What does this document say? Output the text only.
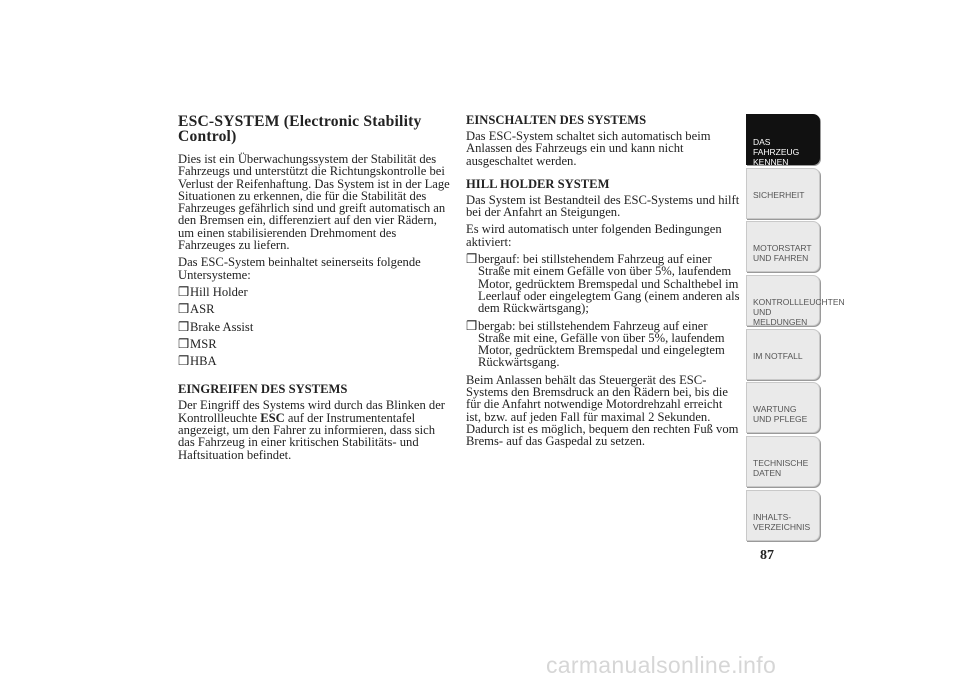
ESC-SYSTEM (Electronic Stability Control)

Dies ist ein Überwachungssystem der Stabilität des Fahrzeugs und unterstützt die Richtungskontrolle bei Verlust der Reifenhaftung. Das System ist in der Lage Situationen zu erkennen, die für die Stabilität des Fahrzeuges gefährlich sind und greift automatisch an den Bremsen ein, differenziert auf den vier Rädern, um einen stabilisierenden Drehmoment des Fahrzeuges zu liefern.

Das ESC-System beinhaltet seinerseits folgende Untersysteme:

❒ Hill Holder
❒ ASR
❒ Brake Assist
❒ MSR
❒ HBA
EINGREIFEN DES SYSTEMS

Der Eingriff des Systems wird durch das Blinken der Kontrollleuchte ESC auf der Instrumententafel angezeigt, um den Fahrer zu informieren, dass sich das Fahrzeug in einer kritischen Stabilitäts- und Haftsituation befindet.

EINSCHALTEN DES SYSTEMS

Das ESC-System schaltet sich automatisch beim Anlassen des Fahrzeugs ein und kann nicht ausgeschaltet werden.

HILL HOLDER SYSTEM

Das System ist Bestandteil des ESC-Systems und hilft bei der Anfahrt an Steigungen.

Es wird automatisch unter folgenden Bedingungen aktiviert:

❒ bergauf: bei stillstehendem Fahrzeug auf einer Straße mit einem Gefälle von über 5%, laufendem Motor, gedrücktem Bremspedal und Schalthebel im Leerlauf oder eingelegtem Gang (einem anderen als dem Rückwärtsgang);
❒ bergab: bei stillstehendem Fahrzeug auf einer Straße mit eine, Gefälle von über 5%, laufendem Motor, gedrücktem Bremspedal und eingelegtem Rückwärtsgang.

Beim Anlassen behält das Steuergerät des ESC-Systems den Bremsdruck an den Rädern bei, bis die für die Anfahrt notwendige Motordrehzahl erreicht ist, bzw. auf jeden Fall für maximal 2 Sekunden. Dadurch ist es möglich, bequem den rechten Fuß vom Brems- auf das Gaspedal zu setzen.

DAS FAHRZEUG KENNEN
SICHERHEIT
MOTORSTART UND FAHREN
KONTROLLLEUCHTEN UND MELDUNGEN
IM NOTFALL
WARTUNG UND PFLEGE
TECHNISCHE DATEN
INHALTS-VERZEICHNIS
87
carmanualsonline.info
